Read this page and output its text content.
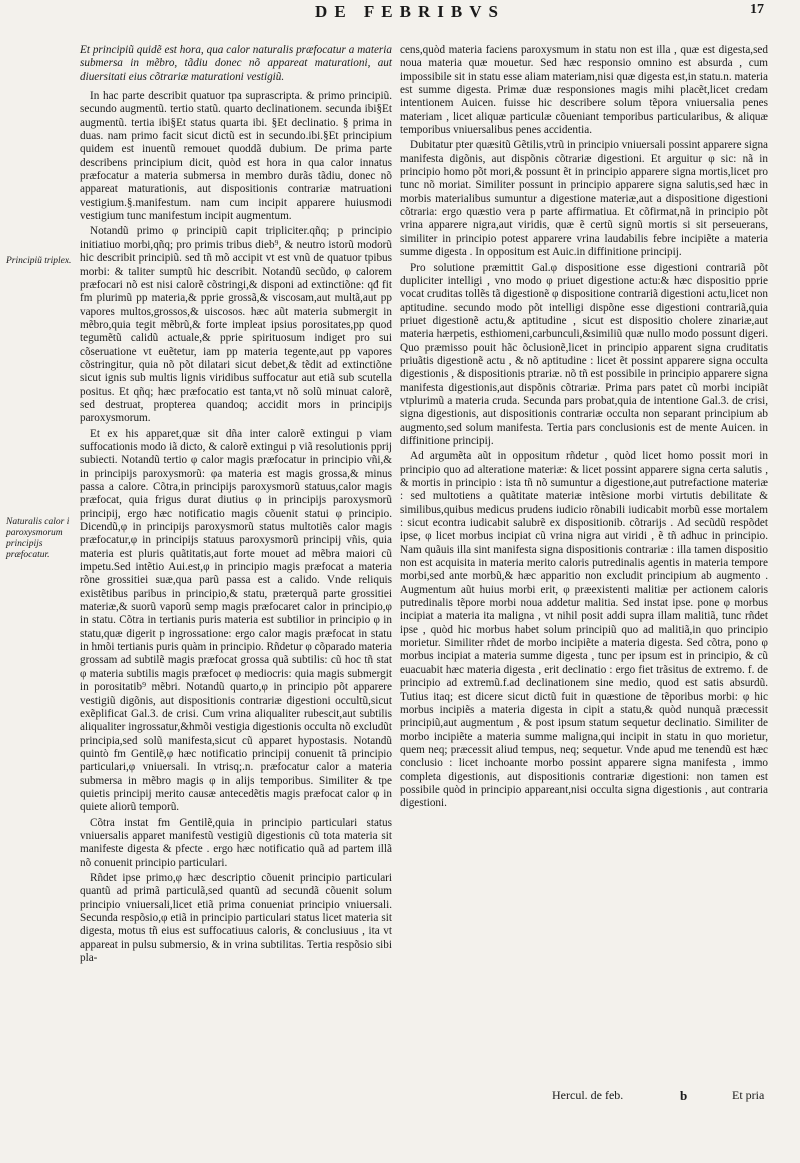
DE FEBRIBVS	17
Principiũ triplex.
Naturalis calor i paroxysmorum principijs præfocatur.

Et principiũ quidẽ est hora, qua calor naturalis præfocatur a materia submersa in mẽbro, tãdiu donec nõ appareat maturationi, aut diuersitati eius cõtrariæ maturationi vestigiũ.

In hac parte describit quatuor tpa suprascripta. & primo principiũ. secundo augmentũ. tertio statũ. quarto declinationem. secunda ibi§Et augmentũ. tertia ibi§Et status quarta ibi. §Et declinatio. § prima in duas. nam primo facit sicut dictũ est in secundo.ibi.§Et principium quidem est inuentũ remouet quoddã dubium. De prima parte describens principium dicit, quòd est hora in qua calor innatus præfocatur a materia submersa in membro durãs tãdiu, donec nõ appareat maturationis, aut dispositionis contrariæ matruationi vestigium.§.manifestum. nam cum incipit apparere huiusmodi vestigium tunc manifestum incipit augmentum.

Notandũ primo φ principiũ capit tripliciter.qñq; p principio initiatiuo morbi,qñq; pro primis tribus dieb⁹, & neutro istorũ modorũ hic describit principiũ. sed tñ mõ accipit vt est vnũ de quatuor tpibus morbi: & taliter sumptũ hic describit. Notandũ secũdo, φ calorem præfocari nõ est nisi calorẽ cõstringi,& disponi ad extinctiõne: qđ fit fm plurimũ pp materia,& pprie grossã,& viscosam,aut multã,aut pp vapores multos,grossos,& uiscosos. hæc aũt materia submergit in mẽbro,quia tegit mẽbrũ,& forte impleat ipsius porositates,pp quod tegumẽtũ calidũ actuale,& pprie spirituosum indiget pro sui cõseruatione vt euẽtetur, iam pp materia tegente,aut pp vapores cõstringitur, quia nõ põt dilatari sicut debet,& tẽdit ad extinctiõne sicut ignis sub multis lignis viridibus suffocatur aut etiã sub scutella positus. Et qñq; hæc præfocatio est tanta,vt nõ solũ minuat calorẽ, sed destruat, propterea quandoq; accidit mors in principijs paroxysmorum.

Et ex his apparet,quæ sit dña inter calorẽ extingui p viam suffocationis modo iã dicto, & calorẽ extingui p viã resolutionis pprij subiecti. Notandũ tertio φ calor magis præfocatur in principio vñi,& in principijs paroxysmorũ: φa materia est magis grossa,& minus passa a calore. Cõtra,in principijs paroxysmorũ statuus,calor magis præfocat, quia frigus durat diutius φ in principijs paroxysmorũ principij, ergo hæc notificatio magis cõuenit statui φ principio. Dicendũ,φ in principijs paroxysmorũ status multotiẽs calor magis præfocatur,φ in principijs statuus paroxysmorũ principij vñis, quia materia est pluris quãtitatis,aut forte mouet ad mẽbra maiori cũ impetu.Sed intẽtio Aui.est,φ in principio magis præfocat a materia rõne grossitiei suæ,qua parũ passa est a calido. Vnde reliquis existẽtibus paribus in principio,& statu, præterquã parte grossitiei materiæ,& suorũ vaporũ semp magis præfocaret calor in principio,φ in statu. Cõtra in tertianis puris materia est subtilior in principio φ in statu,quæ digerit p ingrossatione: ergo calor magis præfocat in statu in hmõi tertianis puris quàm in principio. Rñdetur φ cõparado materia grossam ad subtilẽ magis præfocat grossa quã subtilis: cũ hoc tñ stat φ materia subtilis magis præfocet φ mediocris: quia magis submergit in porositatib⁹ mẽbri. Notandũ quarto,φ in principio põt apparere vestigiũ digõnis, aut dispositionis contrariæ digestioni occultũ,sicut exẽplificat Gal.3. de crisi. Cum vrina aliqualiter rubescit,aut subtilis aliqualiter ingrossatur,&hmõi vestigia digestionis occulta nõ excludũt principia,sed solũ manifesta,sicut cũ apparet hypostasis. Notandũ quintò fm Gentilẽ,φ hæc notificatio principij conuenit tã principio particulari,φ vniuersali. In vtrisq;.n. præfocatur calor a materia submersa in mẽbro magis φ in alijs temporibus. Similiter & tpe quietis principij merito causæ antecedẽtis magis præfocat calor φ in quiete aliorũ temporũ.

Cõtra instat fm Gentilẽ,quia in principio particulari status vniuersalis apparet manifestũ vestigiũ digestionis cũ tota materia sit manifeste digesta & pfecte . ergo hæc notificatio quã ad partem illã nõ conuenit principio particulari.

Rñdet ipse primo,φ hæc descriptio cõuenit principio particulari quantũ ad primã particulã,sed quantũ ad secundã cõuenit solum principio vniuersali,licet etiã prima conueniat principio vniuersali. Secunda respõsio,φ etiã in principio particulari status licet materia sit digesta, motus tñ eius est suffocatiuus caloris, & conclusiuus , ita vt appareat in pulsu submersio, & in vrina subtilitas. Tertia respõsio sibi pla-

cens,quòd materia faciens paroxysmum in statu non est illa , quæ est digesta,sed noua materia quæ mouetur. Sed hæc responsio omnino est absurda , cum impossibile sit in statu esse aliam materiam,nisi quæ digesta est,in statu.n. materia est summe digesta. Primæ duæ responsiones magis mihi placẽt,licet credam intentionem Auicen. fuisse hic describere solum tẽpora vniuersalia penes materiam , licet aliquæ particulæ cõueniant temporibus particularibus, & aliquæ temporibus vniuersalibus penes accidentia.

Dubitatur pter quæsitũ Gẽtilis,vtrũ in principio vniuersali possint apparere signa manifesta digõnis, aut dispõnis cõtrariæ digestioni. Et arguitur φ sic: nã in principio homo põt mori,& possunt ẽt in principio apparere signa mortis,licet pro tunc nõ moriat. Similiter possunt in principio apparere signa salutis,sed hæc in morbis materialibus sumuntur a digestione materiæ,aut a dispositione digestioni cõtraria: ergo quæstio vera p parte affirmatiua. Et cõfirmat,nã in principio põt vrina apparere nigra,aut viridis, quæ ẽ certũ signũ mortis si sit perseuerans, similiter in principio potest apparere vrina laudabilis febre incipiẽte a materia summe digesta . In oppositum est Auic.in diffinitione principij.

Pro solutione præmittit Gal.φ dispositione esse digestioni contrariã põt dupliciter intelligi , vno modo φ priuet digestione actu:& hæc dispositio pprie vocat cruditas tollẽs tã digestionẽ φ dispositione contrariã digestioni actu,licet non aptitudine. secundo modo põt intelligi dispõne esse digestioni contrariã,quia priuet digestionẽ actu,& aptitudine , sicut est dispositio cholere zinariæ,aut materia hærpetis, esthiomeni,carbunculi,&similiũ quæ nullo modo possunt digeri. Quo præmisso pouit hãc õclusionẽ,licet in principio apparent signa cruditatis priuãtis digestionẽ actu , & nõ aptitudine : licet ẽt possint apparere signa occulta digestionis , & dispositionis ptrariæ. nõ tñ est possibile in principio apparere signa manifesta digestionis,aut dispõnis cõtrariæ. Prima pars patet cũ morbi incipiãt vtplurimũ a materia cruda. Secunda pars probat,quia de intentione Gal.3. de crisi, signa digestionis, aut dispositionis contrariæ occulta non separant principium ab augmento,sed solum manifesta. Tertia pars conclusionis est de mente Auicen. in diffinitione principij.

Ad argumẽta aũt in oppositum rñdetur , quòd licet homo possit mori in principio quo ad alteratione materiæ: & licet possint apparere signa certa salutis , & mortis in principio : ista tñ nõ sumuntur a digestione,aut putrefactione materiæ : sed multotiens a quãtitate materiæ intẽsione morbi virtutis debilitate & similibus,quibus medicus prudens iudicio rõnabili iudicabit morbũ esse mortalem : sicut econtra iudicabit salubrẽ ex dispositionib. cõtrarijs . Ad secũdũ respõdet ipse, φ licet morbus incipiat cũ vrina nigra aut viridi , ẽ tñ adhuc in principio. Nam quãuis illa sint manifesta signa dispositionis contrariæ : illa tamen dispositio non est acquisita in materia merito caloris putredinalis agentis in materia tempore morbi,sed ante morbũ,& hæc apparitio non excludit principium ab augmento . Augmentum aũt huius morbi erit, φ præexistenti malitiæ per actionem caloris putredinalis tẽpore morbi noua addetur malitia. Sed instat ipse. pone φ morbus incipiat a materia ita maligna , vt nihil posit addi supra illam malitiã, tunc rñdet ipse , quòd hic morbus habet solum principiũ quo ad malitiã,in quo principio morietur. Similiter rñdet de morbo incipiẽte a materia digesta. Sed cõtra, pono φ morbus incipiat a materia summe digesta , tunc per ipsum est in principio, & cũ euacuabit hæc materia digesta , erit declinatio : ergo fiet trãsitus de extremo. f. de principio ad extremũ.f.ad declinationem sine medio, quod est satis absurdũ. Tutius itaq; est dicere sicut dictũ fuit in quæstione de tẽporibus morbi: φ hic morbus incipiẽs a materia digesta in cipit a statu,& quòd nunquã præcessit principiũ,aut augmentum , & post ipsum statum sequetur declinatio. Similiter de morbo incipiẽte a materia summe maligna,qui incipit in statu in quo morietur, quem neq; præcessit aliud tempus, neq; sequetur. Vnde apud me tenendũ est hæc conclusio : licet inchoante morbo possint apparere signa manifesta , immo completa digestionis, aut dispositionis contrariæ digestioni: non tamen est possibile quòd in principio appareant,nisi occulta signa digestionis , aut contraria digestioni.

Hercul. de feb.	b	Et pria
